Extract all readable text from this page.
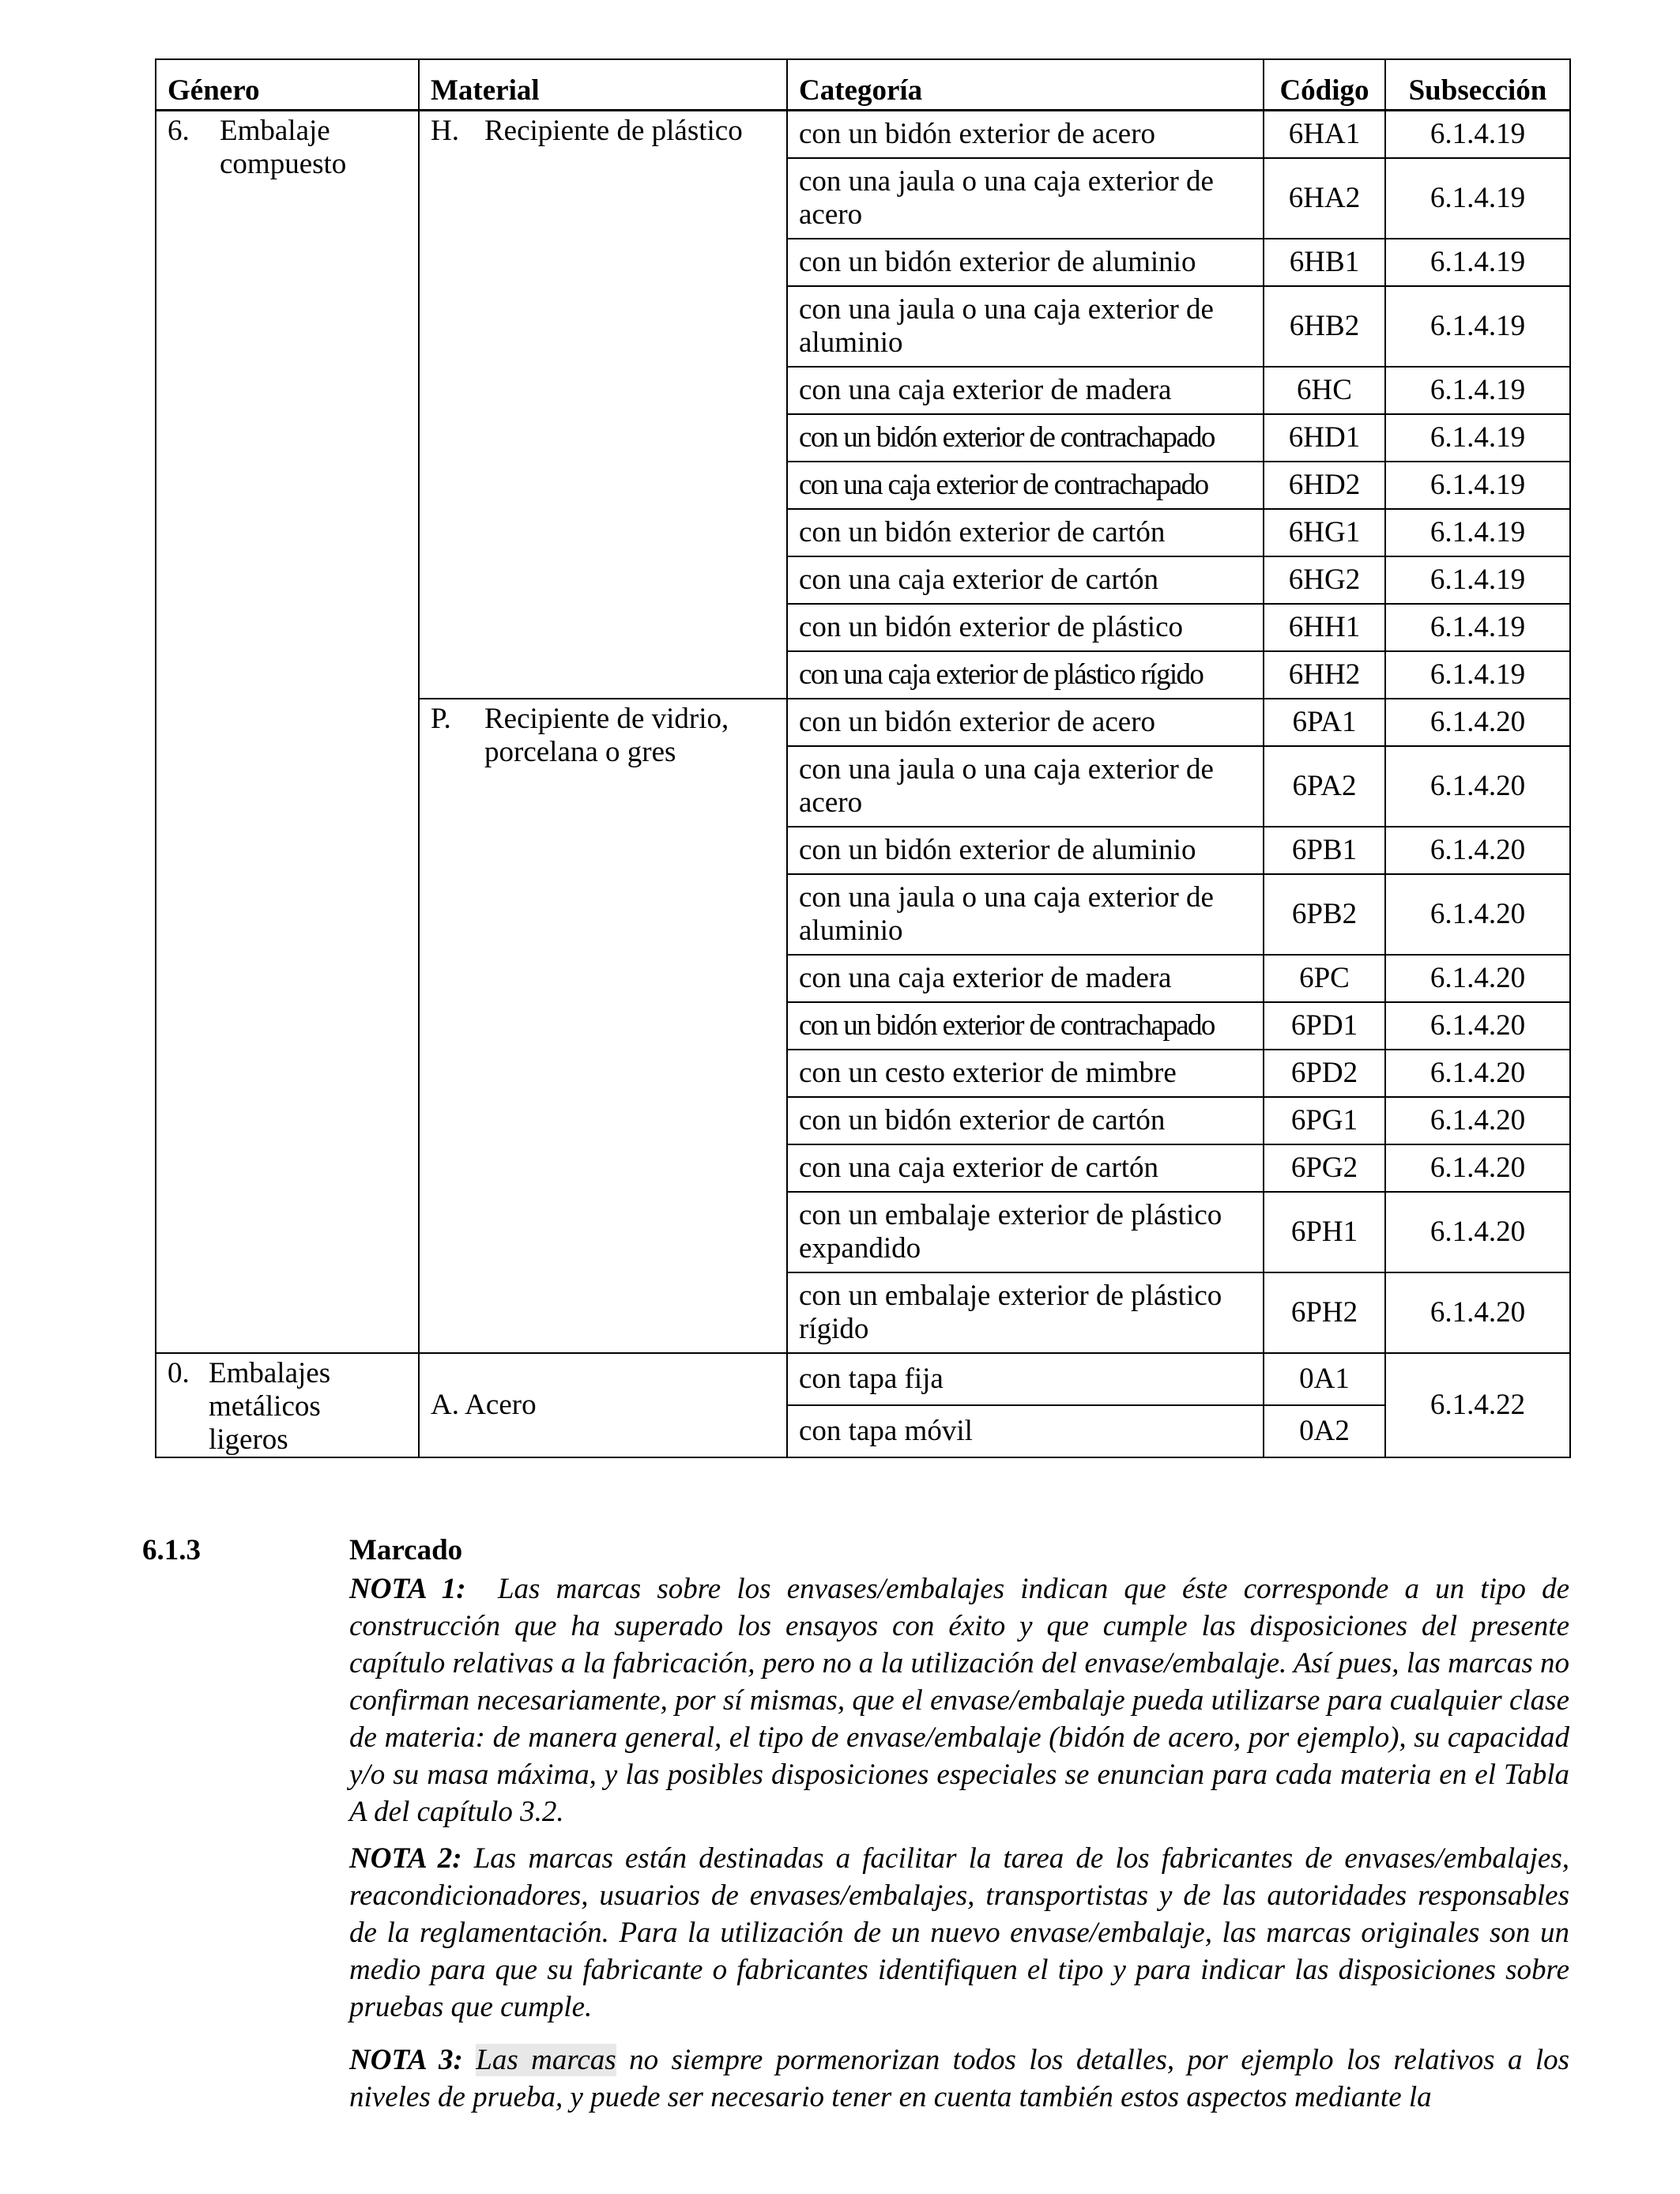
Género	Material	Categoría	Código	Subsección

6. Embalaje compuesto	H. Recipiente de plástico	con un bidón exterior de acero	6HA1	6.1.4.19
		con una jaula o una caja exterior de acero	6HA2	6.1.4.19
		con un bidón exterior de aluminio	6HB1	6.1.4.19
		con una jaula o una caja exterior de aluminio	6HB2	6.1.4.19
		con una caja exterior de madera	6HC	6.1.4.19
		con un bidón exterior de contrachapado	6HD1	6.1.4.19
		con una caja exterior de contrachapado	6HD2	6.1.4.19
		con un bidón exterior de cartón	6HG1	6.1.4.19
		con una caja exterior de cartón	6HG2	6.1.4.19
		con un bidón exterior de plástico	6HH1	6.1.4.19
		con una caja exterior de plástico rígido	6HH2	6.1.4.19

	P. Recipiente de vidrio, porcelana o gres	con un bidón exterior de acero	6PA1	6.1.4.20
		con una jaula o una caja exterior de acero	6PA2	6.1.4.20
		con un bidón exterior de aluminio	6PB1	6.1.4.20
		con una jaula o una caja exterior de aluminio	6PB2	6.1.4.20
		con una caja exterior de madera	6PC	6.1.4.20
		con un bidón exterior de contrachapado	6PD1	6.1.4.20
		con un cesto exterior de mimbre	6PD2	6.1.4.20
		con un bidón exterior de cartón	6PG1	6.1.4.20
		con una caja exterior de cartón	6PG2	6.1.4.20
		con un embalaje exterior de plástico expandido	6PH1	6.1.4.20
		con un embalaje exterior de plástico rígido	6PH2	6.1.4.20

0. Embalajes metálicos ligeros	A. Acero	con tapa fija	0A1	6.1.4.22
		con tapa móvil	0A2	
6.1.3	Marcado
NOTA 1: Las marcas sobre los envases/embalajes indican que éste corresponde a un tipo de construcción que ha superado los ensayos con éxito y que cumple las disposiciones del presente capítulo relativas a la fabricación, pero no a la utilización del envase/embalaje. Así pues, las marcas no confirman necesariamente, por sí mismas, que el envase/embalaje pueda utilizarse para cualquier clase de materia: de manera general, el tipo de envase/embalaje (bidón de acero, por ejemplo), su capacidad y/o su masa máxima, y las posibles disposiciones especiales se enuncian para cada materia en el Tabla A del capítulo 3.2.
NOTA 2: Las marcas están destinadas a facilitar la tarea de los fabricantes de envases/embalajes, reacondicionadores, usuarios de envases/embalajes, transportistas y de las autoridades responsables de la reglamentación. Para la utilización de un nuevo envase/embalaje, las marcas originales son un medio para que su fabricante o fabricantes identifiquen el tipo y para indicar las disposiciones sobre pruebas que cumple.
NOTA 3: Las marcas no siempre pormenorizan todos los detalles, por ejemplo los relativos a los niveles de prueba, y puede ser necesario tener en cuenta también estos aspectos mediante la
